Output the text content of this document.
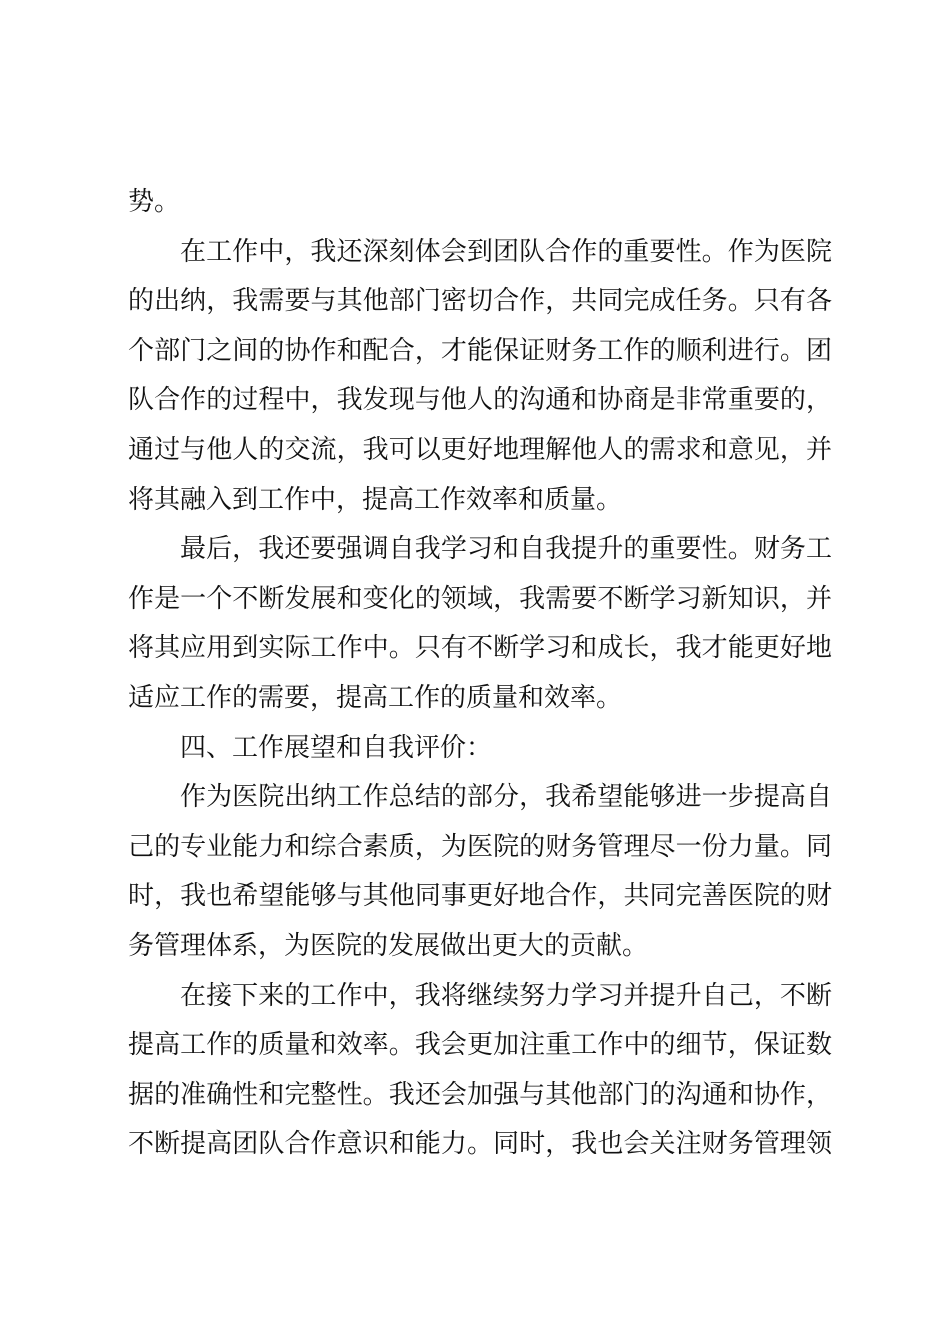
势。
在工作中，我还深刻体会到团队合作的重要性。作为医院
的出纳，我需要与其他部门密切合作，共同完成任务。只有各
个部门之间的协作和配合，才能保证财务工作的顺利进行。团
队合作的过程中，我发现与他人的沟通和协商是非常重要的，
通过与他人的交流，我可以更好地理解他人的需求和意见，并
将其融入到工作中，提高工作效率和质量。
最后，我还要强调自我学习和自我提升的重要性。财务工
作是一个不断发展和变化的领域，我需要不断学习新知识，并
将其应用到实际工作中。只有不断学习和成长，我才能更好地
适应工作的需要，提高工作的质量和效率。
四、工作展望和自我评价：
作为医院出纳工作总结的部分，我希望能够进一步提高自
己的专业能力和综合素质，为医院的财务管理尽一份力量。同
时，我也希望能够与其他同事更好地合作，共同完善医院的财
务管理体系，为医院的发展做出更大的贡献。
在接下来的工作中，我将继续努力学习并提升自己，不断
提高工作的质量和效率。我会更加注重工作中的细节，保证数
据的准确性和完整性。我还会加强与其他部门的沟通和协作，
不断提高团队合作意识和能力。同时，我也会关注财务管理领
